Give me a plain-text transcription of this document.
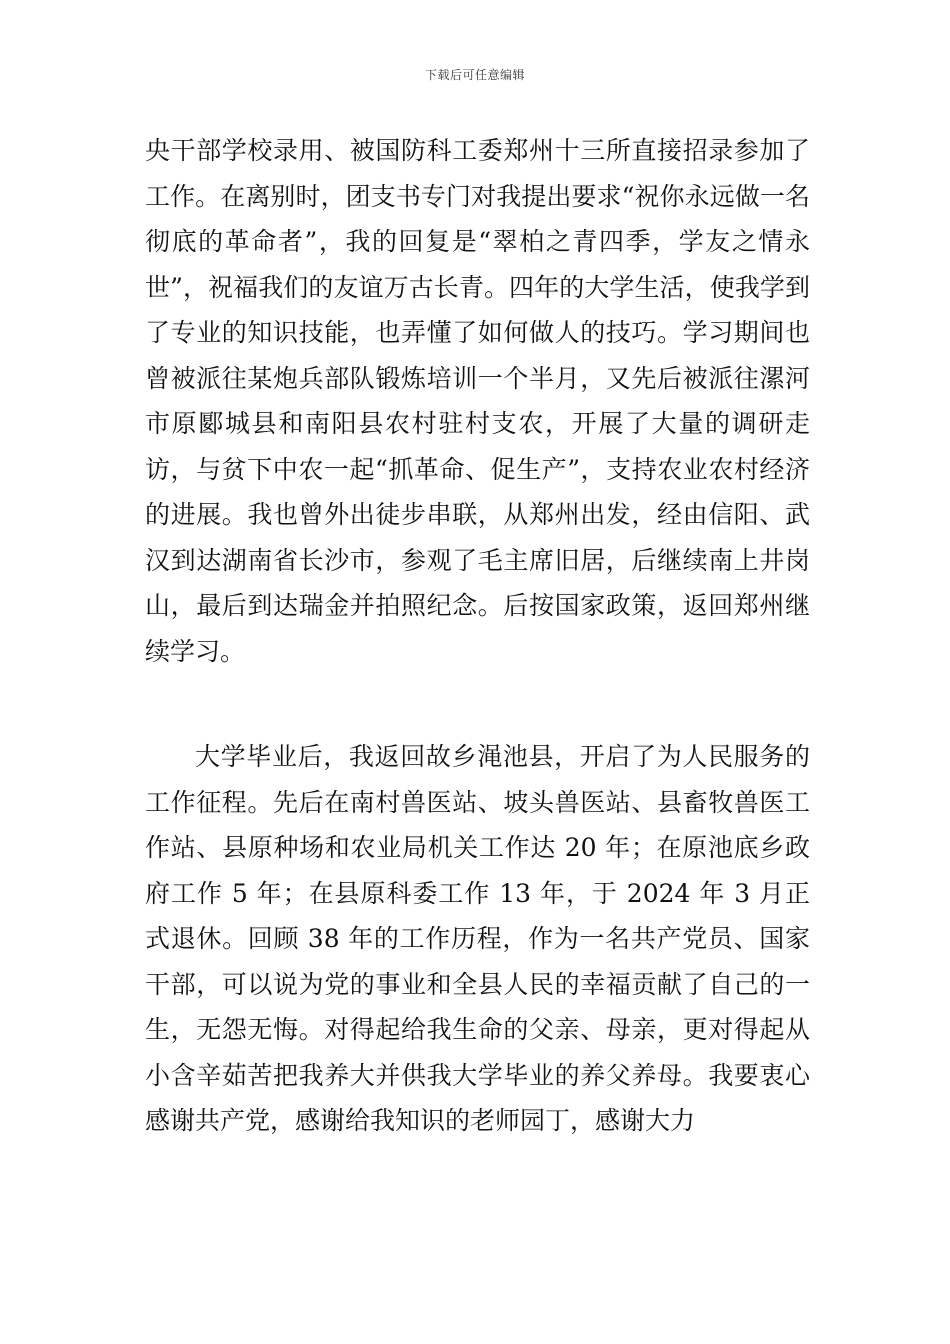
下载后可任意编辑

央干部学校录用、被国防科工委郑州十三所直接招录参加了工作。在离别时，团支书专门对我提出要求“祝你永远做一名彻底的革命者”，我的回复是“翠柏之青四季，学友之情永世”，祝福我们的友谊万古长青。四年的大学生活，使我学到了专业的知识技能，也弄懂了如何做人的技巧。学习期间也曾被派往某炮兵部队锻炼培训一个半月，又先后被派往漯河市原郾城县和南阳县农村驻村支农，开展了大量的调研走访，与贫下中农一起“抓革命、促生产”，支持农业农村经济的进展。我也曾外出徒步串联，从郑州出发，经由信阳、武汉到达湖南省长沙市，参观了毛主席旧居，后继续南上井岗山，最后到达瑞金并拍照纪念。后按国家政策，返回郑州继续学习。

大学毕业后，我返回故乡渑池县，开启了为人民服务的工作征程。先后在南村兽医站、坡头兽医站、县畜牧兽医工作站、县原种场和农业局机关工作达 20 年；在原池底乡政府工作 5 年；在县原科委工作 13 年，于 2024 年 3 月正式退休。回顾 38 年的工作历程，作为一名共产党员、国家干部，可以说为党的事业和全县人民的幸福贡献了自己的一生，无怨无悔。对得起给我生命的父亲、母亲，更对得起从小含辛茹苦把我养大并供我大学毕业的养父养母。我要衷心感谢共产党，感谢给我知识的老师园丁，感谢大力
